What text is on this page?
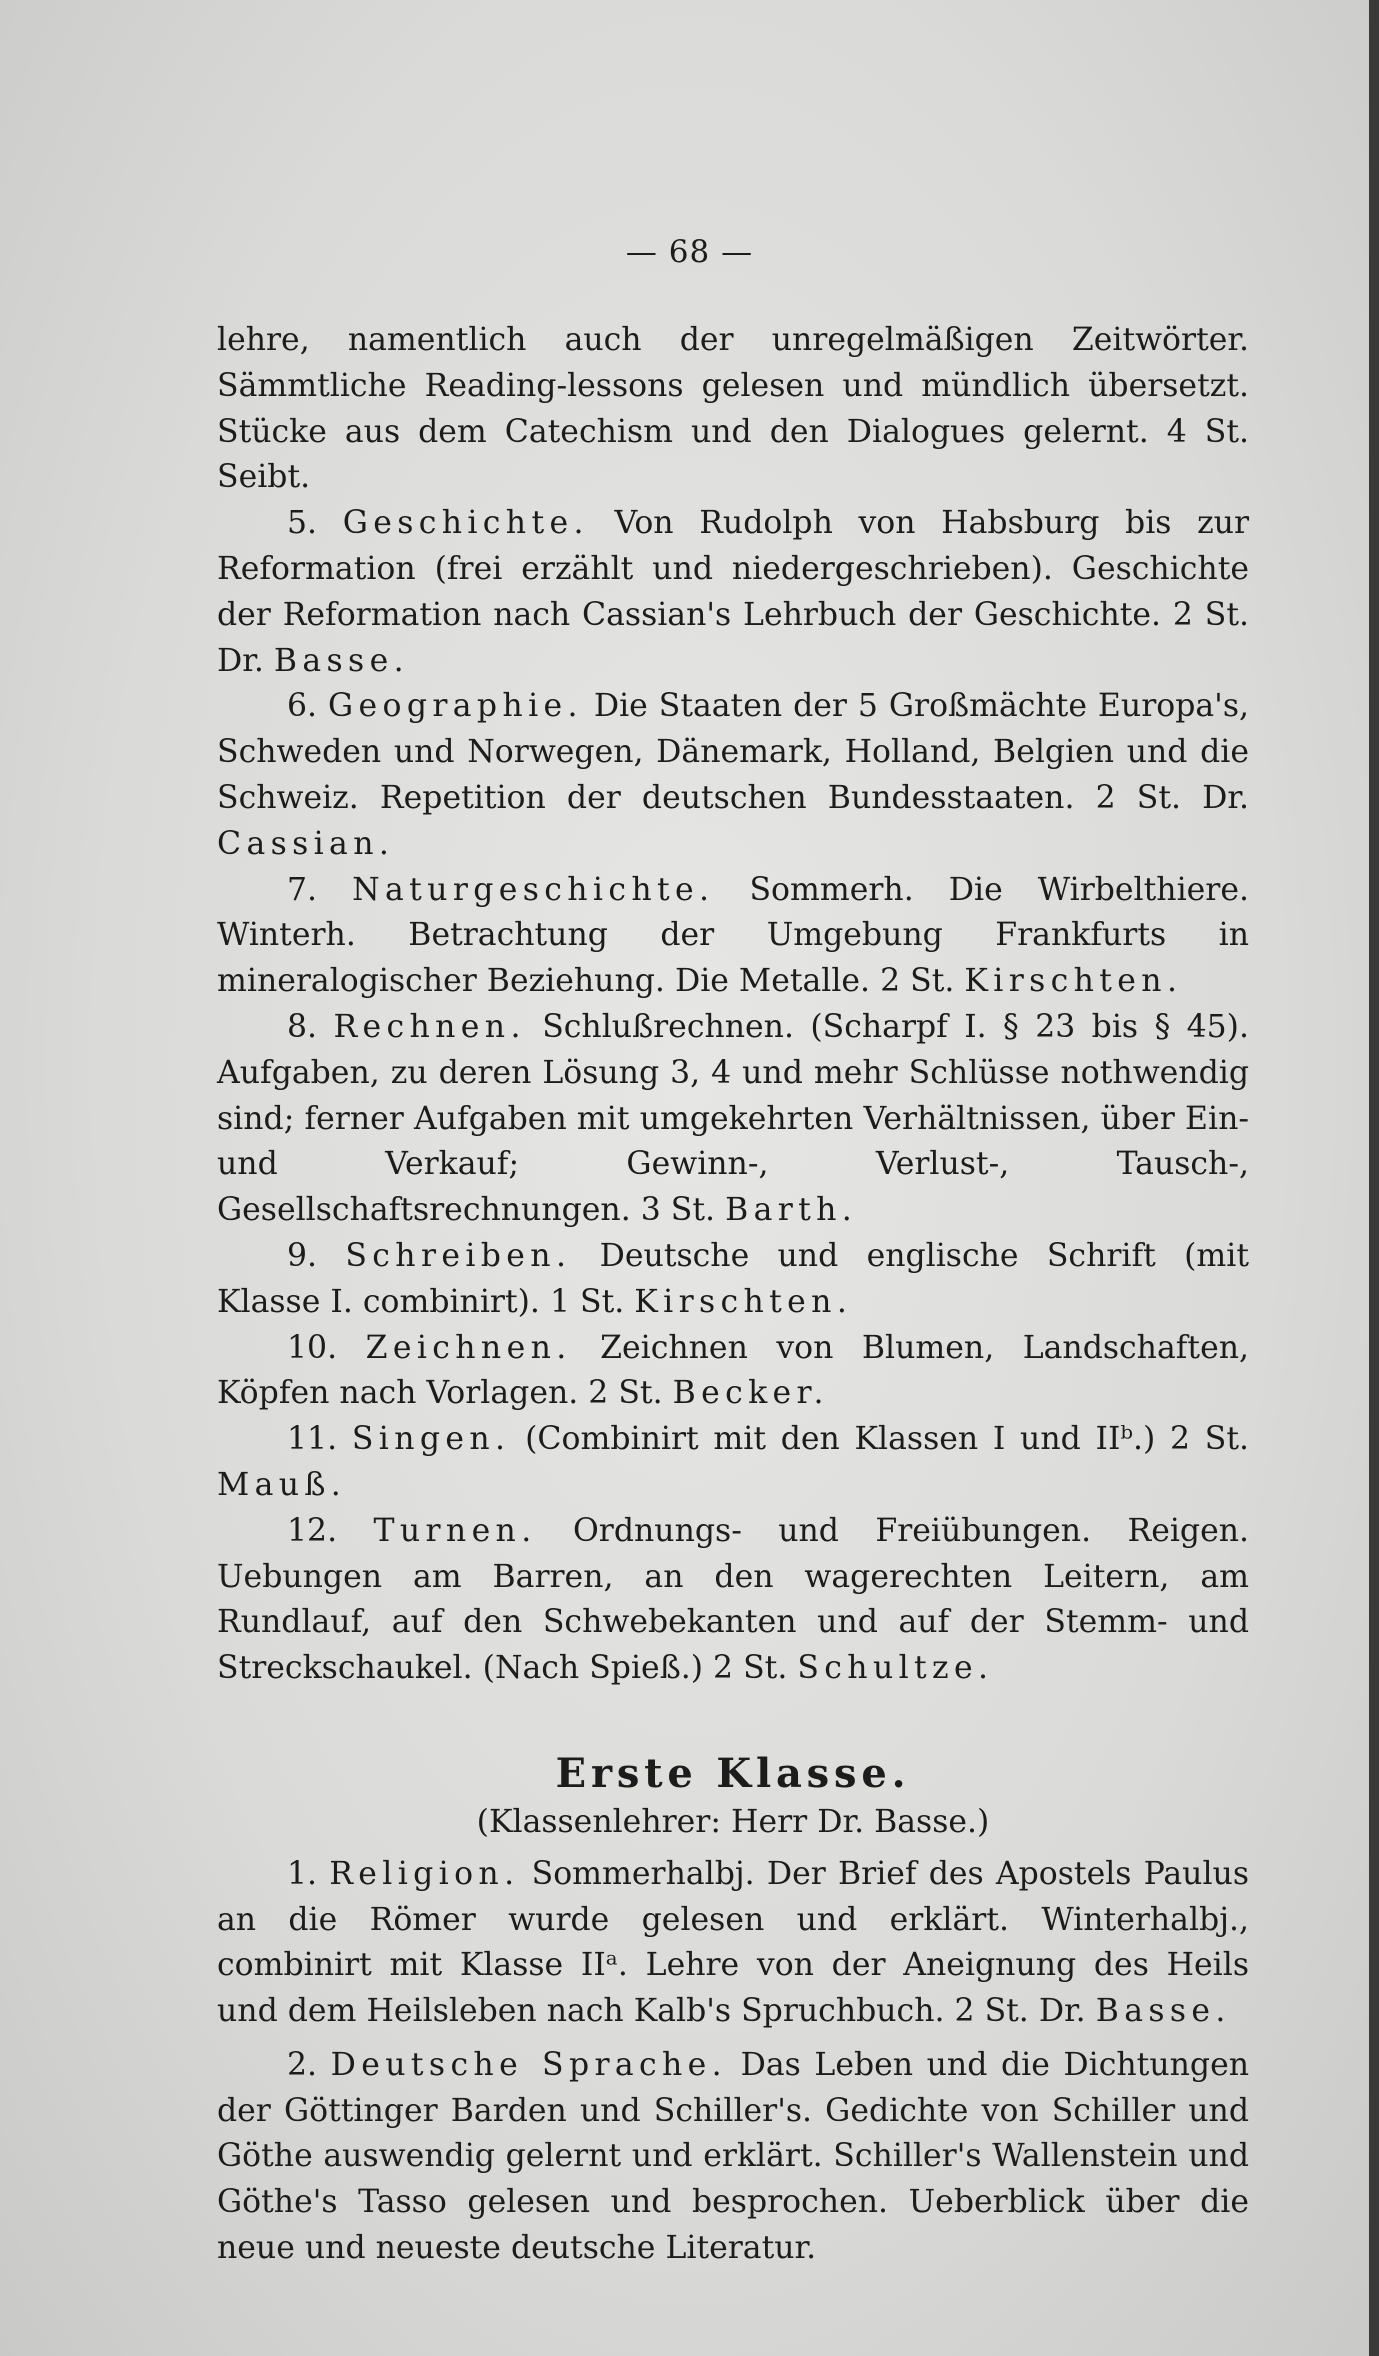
— 68 —

lehre, namentlich auch der unregelmäßigen Zeitwörter. Sämmtliche Reading-lessons gelesen und mündlich übersetzt. Stücke aus dem Catechism und den Dialogues gelernt. 4 St. Seibt.

5. Geschichte. Von Rudolph von Habsburg bis zur Reformation (frei erzählt und niedergeschrieben). Geschichte der Reformation nach Cassian's Lehrbuch der Geschichte. 2 St. Dr. Basse.

6. Geographie. Die Staaten der 5 Großmächte Europa's, Schweden und Norwegen, Dänemark, Holland, Belgien und die Schweiz. Repetition der deutschen Bundesstaaten. 2 St. Dr. Cassian.

7. Naturgeschichte. Sommerh. Die Wirbelthiere. Winterh. Betrachtung der Umgebung Frankfurts in mineralogischer Beziehung. Die Metalle. 2 St. Kirschten.

8. Rechnen. Schlußrechnen. (Scharpf I. § 23 bis § 45). Aufgaben, zu deren Lösung 3, 4 und mehr Schlüsse nothwendig sind; ferner Aufgaben mit umgekehrten Verhältnissen, über Ein- und Verkauf; Gewinn-, Verlust-, Tausch-, Gesellschaftsrechnungen. 3 St. Barth.

9. Schreiben. Deutsche und englische Schrift (mit Klasse I. combinirt). 1 St. Kirschten.

10. Zeichnen. Zeichnen von Blumen, Landschaften, Köpfen nach Vorlagen. 2 St. Becker.

11. Singen. (Combinirt mit den Klassen I und IIᵇ.) 2 St. Mauß.

12. Turnen. Ordnungs- und Freiübungen. Reigen. Uebungen am Barren, an den wagerechten Leitern, am Rundlauf, auf den Schwebekanten und auf der Stemm- und Streckschaukel. (Nach Spieß.) 2 St. Schultze.

Erste Klasse.

(Klassenlehrer: Herr Dr. Basse.)

1. Religion. Sommerhalbj. Der Brief des Apostels Paulus an die Römer wurde gelesen und erklärt. Winterhalbj., combinirt mit Klasse IIᵃ. Lehre von der Aneignung des Heils und dem Heilsleben nach Kalb's Spruchbuch. 2 St. Dr. Basse.

2. Deutsche Sprache. Das Leben und die Dichtungen der Göttinger Barden und Schiller's. Gedichte von Schiller und Göthe auswendig gelernt und erklärt. Schiller's Wallenstein und Göthe's Tasso gelesen und besprochen. Ueberblick über die neue und neueste deutsche Literatur.
